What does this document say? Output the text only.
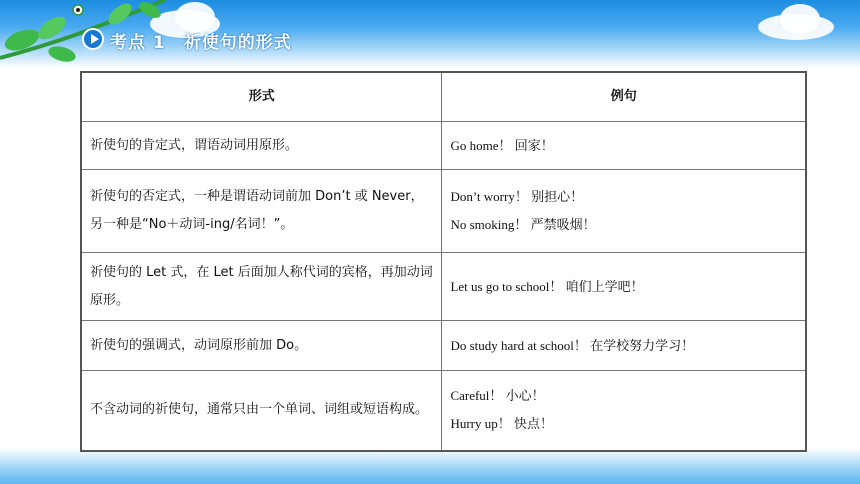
考点 1　祈使句的形式
形式	例句
祈使句的肯定式，谓语动词用原形。	Go home！ 回家！

祈使句的否定式，一种是谓语动词前加 Don’t 或 Never，另一种是“No＋动词-ing/名词！”。	Don’t worry！ 别担心！
No smoking！ 严禁吸烟！

祈使句的 Let 式，在 Let 后面加人称代词的宾格，再加动词原形。	Let us go to school！ 咱们上学吧！

祈使句的强调式，动词原形前加 Do。	Do study hard at school！ 在学校努力学习！

不含动词的祈使句，通常只由一个单词、词组或短语构成。	Careful！ 小心！
Hurry up！ 快点！
